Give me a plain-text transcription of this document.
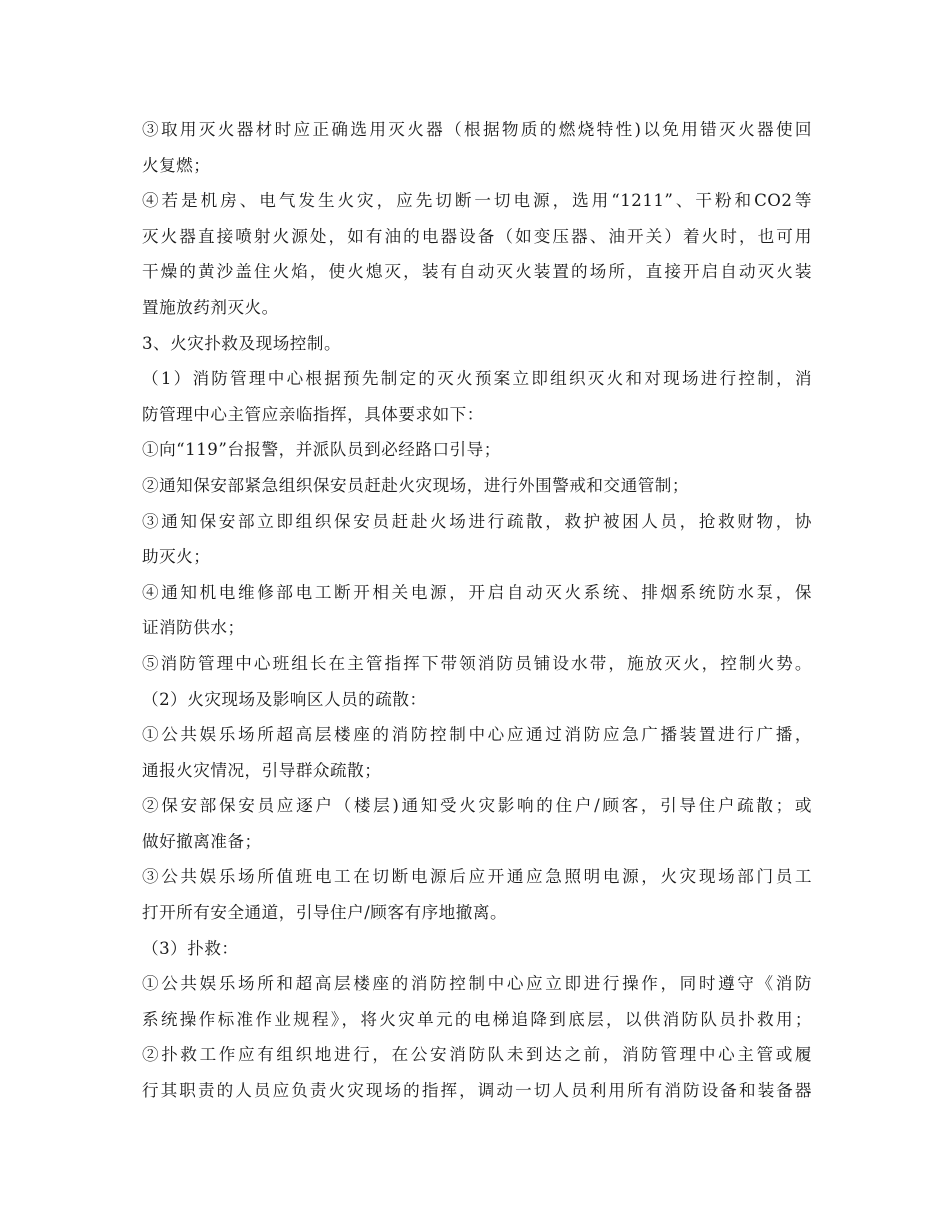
③取用灭火器材时应正确选用灭火器（根据物质的燃烧特性)以免用错灭火器使回
火复燃；
④若是机房、电气发生火灾，应先切断一切电源，选用“1211”、干粉和CO2等
灭火器直接喷射火源处，如有油的电器设备（如变压器、油开关）着火时，也可用
干燥的黄沙盖住火焰，使火熄灭，装有自动灭火装置的场所，直接开启自动灭火装
置施放药剂灭火。
3、火灾扑救及现场控制。
（1）消防管理中心根据预先制定的灭火预案立即组织灭火和对现场进行控制，消
防管理中心主管应亲临指挥，具体要求如下：
①向“119”台报警，并派队员到必经路口引导；
②通知保安部紧急组织保安员赶赴火灾现场，进行外围警戒和交通管制；
③通知保安部立即组织保安员赶赴火场进行疏散，救护被困人员，抢救财物，协
助灭火；
④通知机电维修部电工断开相关电源，开启自动灭火系统、排烟系统防水泵，保
证消防供水；
⑤消防管理中心班组长在主管指挥下带领消防员铺设水带，施放灭火，控制火势。
（2）火灾现场及影响区人员的疏散：
①公共娱乐场所超高层楼座的消防控制中心应通过消防应急广播装置进行广播，
通报火灾情况，引导群众疏散；
②保安部保安员应逐户（楼层)通知受火灾影响的住户/顾客，引导住户疏散；或
做好撤离准备；
③公共娱乐场所值班电工在切断电源后应开通应急照明电源，火灾现场部门员工
打开所有安全通道，引导住户/顾客有序地撤离。
（3）扑救：
①公共娱乐场所和超高层楼座的消防控制中心应立即进行操作，同时遵守《消防
系统操作标准作业规程》，将火灾单元的电梯追降到底层，以供消防队员扑救用；
②扑救工作应有组织地进行，在公安消防队未到达之前，消防管理中心主管或履
行其职责的人员应负责火灾现场的指挥，调动一切人员利用所有消防设备和装备器
